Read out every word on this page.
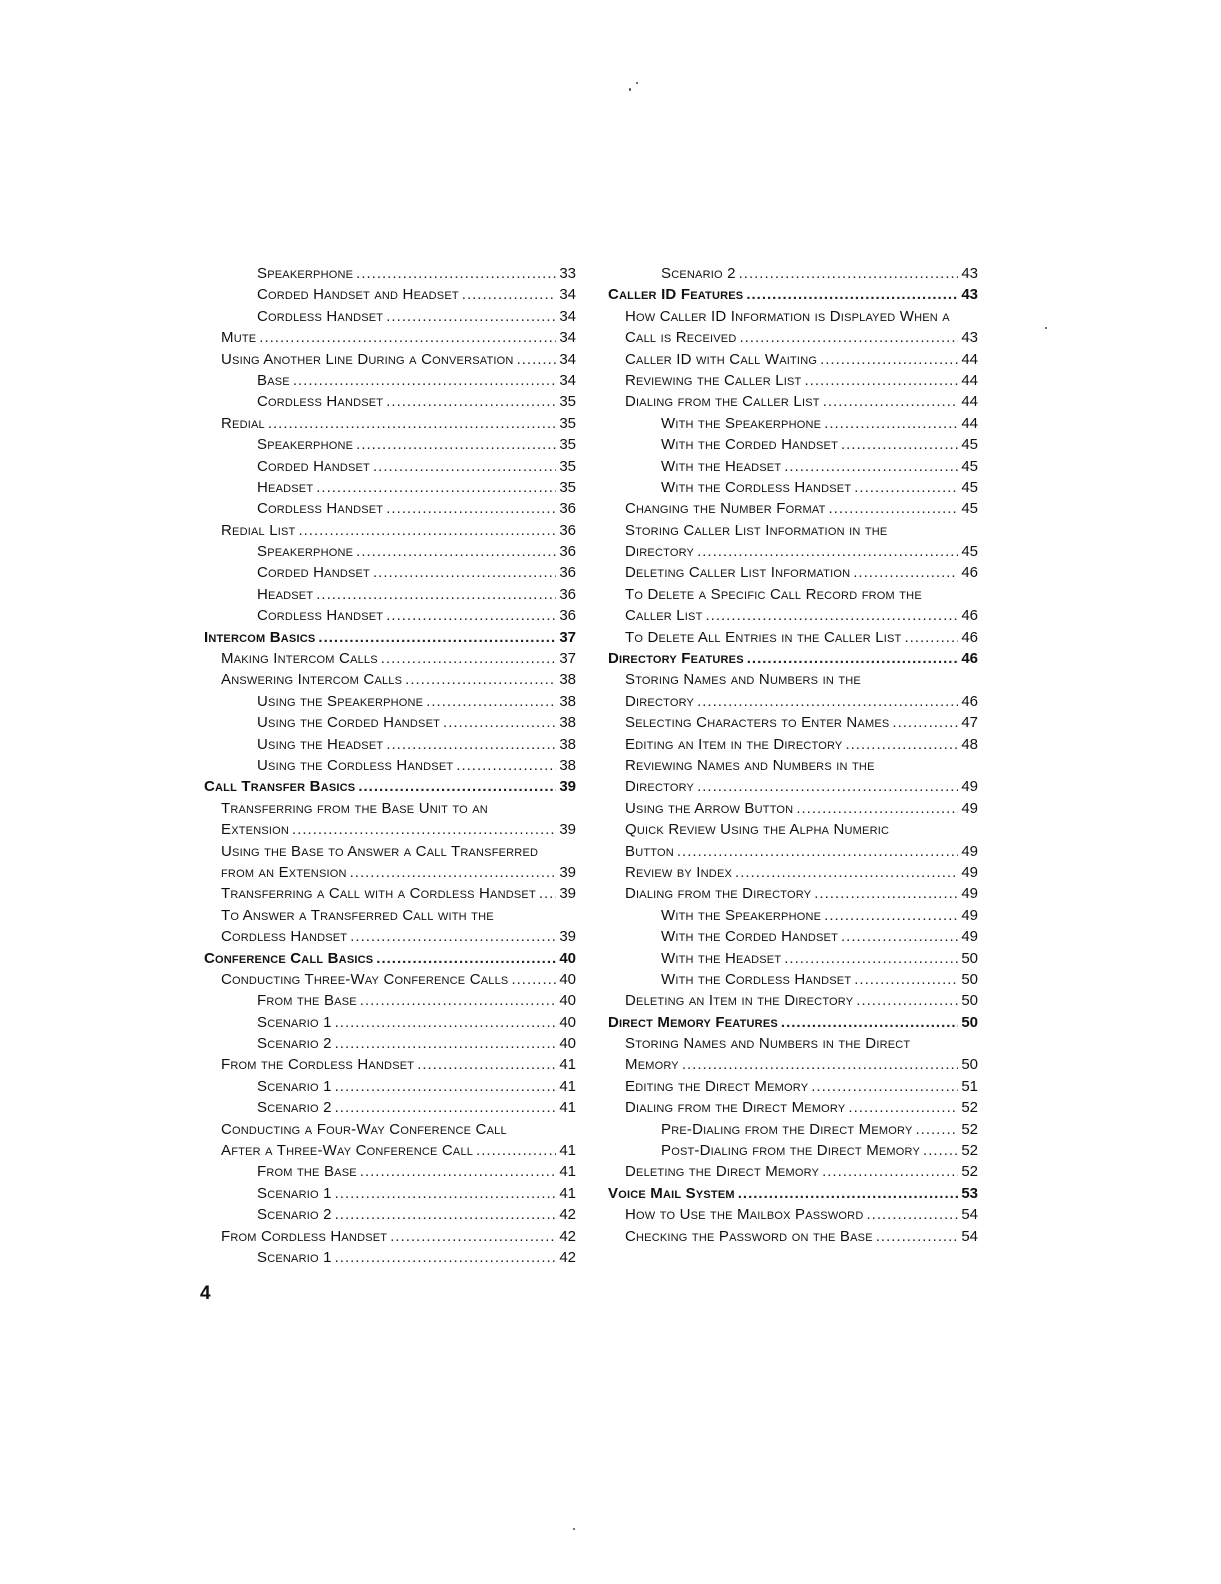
Speakerphone .....	33
Corded Handset and Headset .....	34
Cordless Handset .....	34
Mute .....	34
Using Another Line During a Conversation .....	34
Base .....	34
Cordless Handset .....	35
Redial .....	35
Speakerphone .....	35
Corded Handset .....	35
Headset .....	35
Cordless Handset .....	36
Redial List .....	36
Speakerphone .....	36
Corded Handset .....	36
Headset .....	36
Cordless Handset .....	36
Intercom Basics .....	37
Making Intercom Calls .....	37
Answering Intercom Calls .....	38
Using the Speakerphone .....	38
Using the Corded Handset .....	38
Using the Headset .....	38
Using the Cordless Handset .....	38
Call Transfer Basics .....	39
Transferring from the Base Unit to an
Extension .....	39
Using the Base to Answer a Call Transferred
from an Extension .....	39
Transferring a Call with a Cordless Handset ..... 39
To Answer a Transferred Call with the
Cordless Handset .....	39
Conference Call Basics .....	40
Conducting Three-Way Conference Calls .....	40
From the Base .....	40
Scenario 1 .....	40
Scenario 2 .....	40
From the Cordless Handset .....	41
Scenario 1 .....	41
Scenario 2 .....	41
Conducting a Four-Way Conference Call
After a Three-Way Conference Call .....	41
From the Base .....	41
Scenario 1 .....	41
Scenario 2 .....	42
From Cordless Handset .....	42
Scenario 1 .....	42
Scenario 2 .....	43
Caller ID Features .....	43
How Caller ID Information is Displayed When a
Call is Received .....	43
Caller ID with Call Waiting .....	44
Reviewing the Caller List .....	44
Dialing from the Caller List .....	44
With the Speakerphone .....	44
With the Corded Handset .....	45
With the Headset .....	45
With the Cordless Handset .....	45
Changing the Number Format .....	45
Storing Caller List Information in the
Directory .....	45
Deleting Caller List Information .....	46
To Delete a Specific Call Record from the
Caller List .....	46
To Delete All Entries in the Caller List .....	46
Directory Features .....	46
Storing Names and Numbers in the
Directory .....	46
Selecting Characters to Enter Names .....	47
Editing an Item in the Directory .....	48
Reviewing Names and Numbers in the
Directory .....	49
Using the Arrow Button .....	49
Quick Review Using the Alpha Numeric
Button .....	49
Review by Index .....	49
Dialing from the Directory .....	49
With the Speakerphone .....	49
With the Corded Handset .....	49
With the Headset .....	50
With the Cordless Handset .....	50
Deleting an Item in the Directory .....	50
Direct Memory Features .....	50
Storing Names and Numbers in the Direct
Memory .....	50
Editing the Direct Memory .....	51
Dialing from the Direct Memory .....	52
Pre-Dialing from the Direct Memory .....	52
Post-Dialing from the Direct Memory .....	52
Deleting the Direct Memory .....	52
Voice Mail System .....	53
How to Use the Mailbox Password .....	54
Checking the Password on the Base .....	54
4
